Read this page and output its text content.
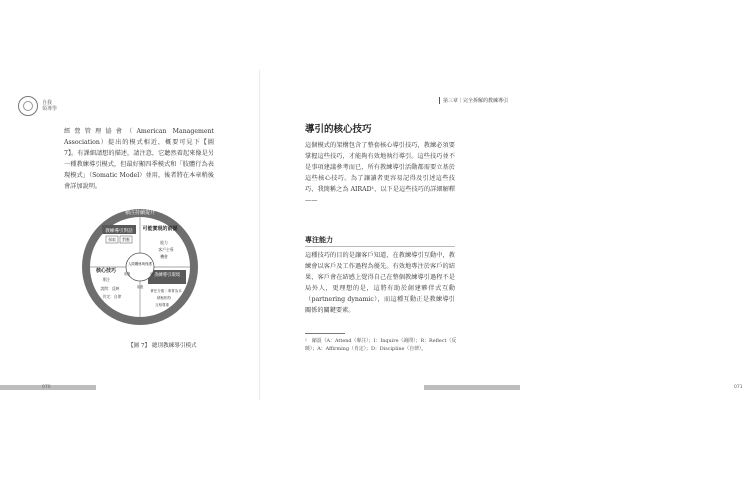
自我
領導學
經營管理協會（American Management Association）提出的模式相近，概要可見下【圖 7】。有課細請想的描述，請注意，它聽然着起來像是另一種教練導引模式，但最好顯四季模式和「肢體行為表現模式」（Somatic Model）並用，後者將在本章稍後會詳加說明。
積注持續提升
教練導引對話
探索 對應
可能實現的前提
能力
客戶主導
機會
核心技巧
專注
說問：反映
肯定：自律
教練導引環境
責任分擔｜事實為本
積極相符
互相尊重
人際關係與保護
前進	前進
前進
【圖 7】 總別教練導引模式
070
第三章｜完全拆解的教練導引
導引的核心技巧
這個模式的架構包含了整套核心導引技巧，教練必須要掌握這些技巧，才能夠有效地執行導引。這些技巧並不是事項建議參考而已，所有教練導引活動都需要立基於這些核心技巧。為了讓讀者更容易記得及引述這些技巧，我簡稱之為 AIRAD¹，以下是這些技巧的詳細解釋——
專注能力
這種技巧的目的是讓客戶知道，在教練導引互動中，教練會以客戶及工作過程為優先。有效地專注於客戶的結果，客戶會在結感上覺得自己在整個教練導引過程不是局外人，更理想的是，這將有助於創建夥伴式互動（partnering dynamic），而這種互動正是教練導引關係的關鍵要素。
¹　縮設（A：Attend（專注）；I：Inquire（詢問）；R：Reflect（反映）；A：Affirming（肯定）；D：Discipline（自律）。
071
